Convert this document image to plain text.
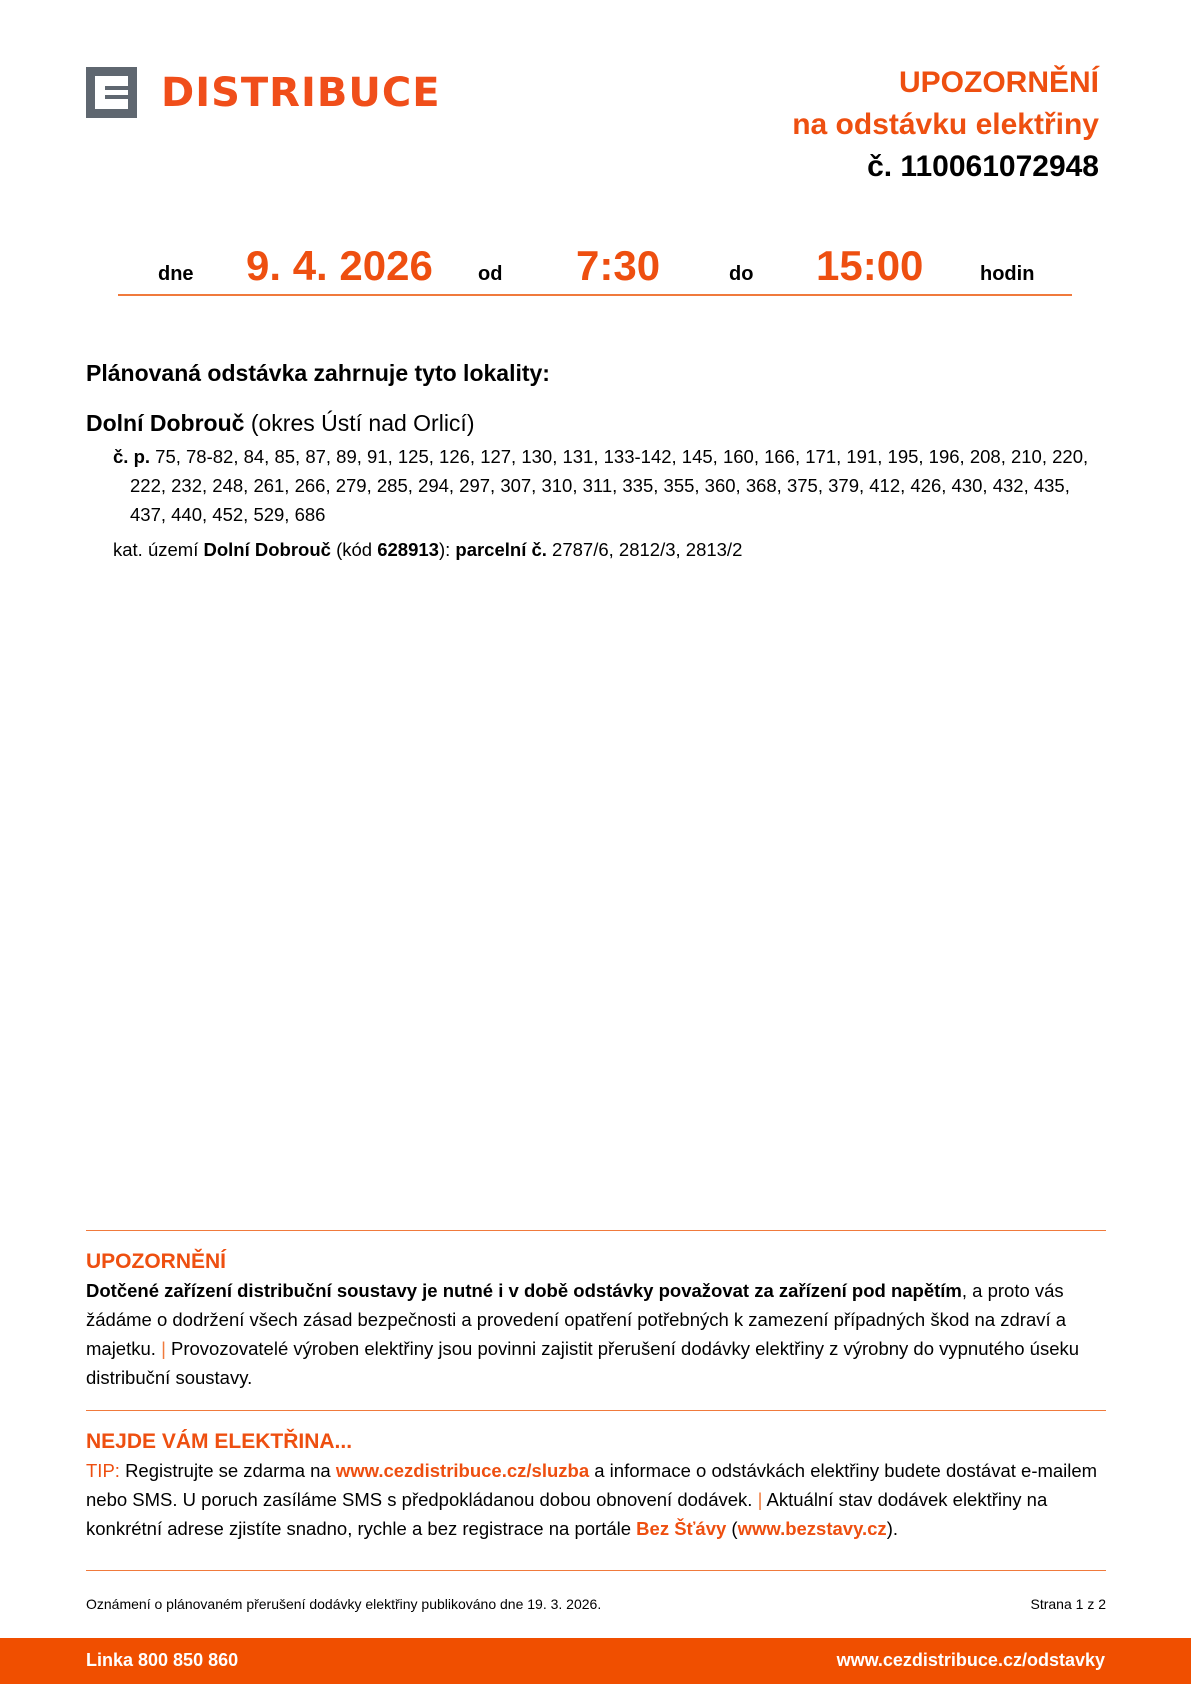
DISTRIBUCE	UPOZORNĚNÍ
na odstávku elektřiny
č. 110061072948
dne 9. 4. 2026 od 7:30	do 15:00	hodin
Plánovaná odstávka zahrnuje tyto lokality:
Dolní Dobrouč (okres Ústí nad Orlicí)
č. p. 75, 78-82, 84, 85, 87, 89, 91, 125, 126, 127, 130, 131, 133-142, 145, 160, 166, 171, 191, 195, 196, 208, 210, 220, 222, 232, 248, 261, 266, 279, 285, 294, 297, 307, 310, 311, 335, 355, 360, 368, 375, 379, 412, 426, 430, 432, 435, 437, 440, 452, 529, 686
kat. území Dolní Dobrouč (kód 628913): parcelní č. 2787/6, 2812/3, 2813/2
UPOZORNĚNÍ
Dotčené zařízení distribuční soustavy je nutné i v době odstávky považovat za zařízení pod napětím, a proto vás žádáme o dodržení všech zásad bezpečnosti a provedení opatření potřebných k zamezení případných škod na zdraví a majetku. | Provozovatelé výroben elektřiny jsou povinni zajistit přerušení dodávky elektřiny z výrobny do vypnutého úseku distribuční soustavy.
NEJDE VÁM ELEKTŘINA...
TIP: Registrujte se zdarma na www.cezdistribuce.cz/sluzba a informace o odstávkách elektřiny budete dostávat e-mailem nebo SMS. U poruch zasíláme SMS s předpokládanou dobou obnovení dodávek. | Aktuální stav dodávek elektřiny na konkrétní adrese zjistíte snadno, rychle a bez registrace na portále Bez Šťávy (www.bezstavy.cz).
Oznámení o plánovaném přerušení dodávky elektřiny publikováno dne 19. 3. 2026.	Strana 1 z 2
Linka 800 850 860	www.cezdistribuce.cz/odstavky
